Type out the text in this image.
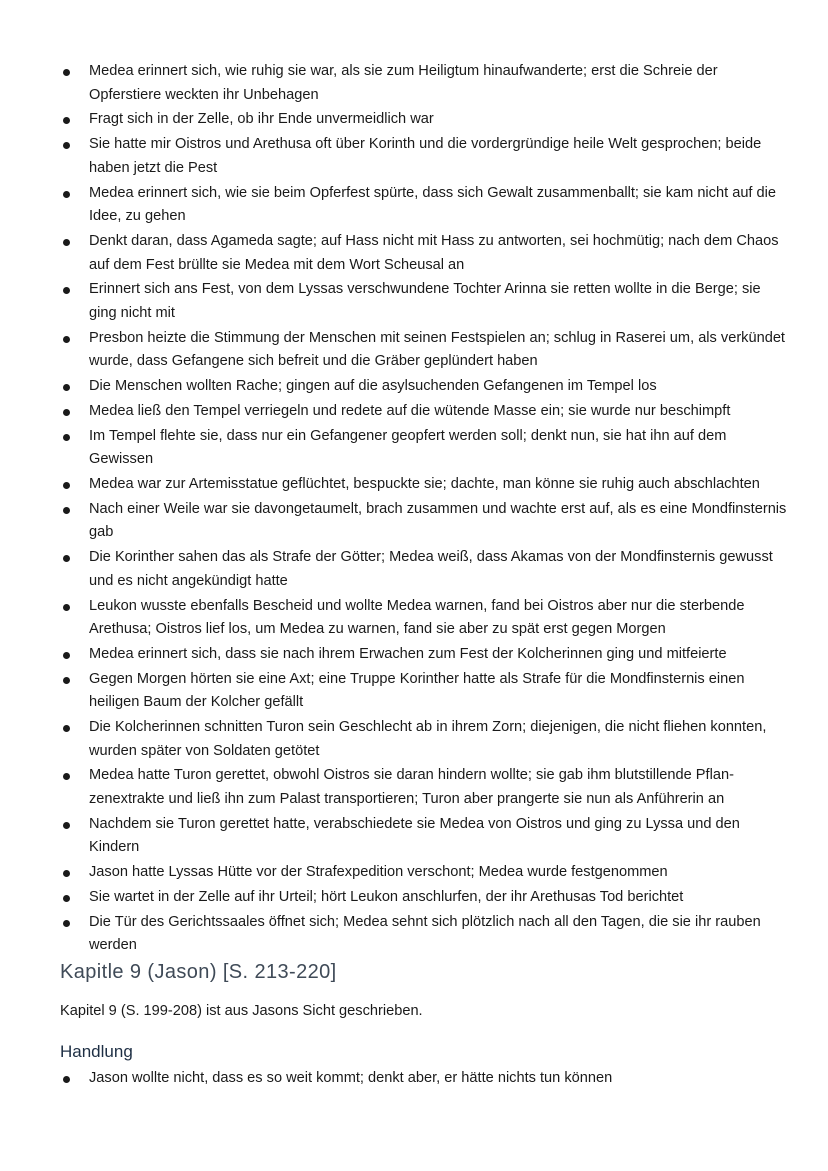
Medea erinnert sich, wie ruhig sie war, als sie zum Heiligtum hinaufwanderte; erst die Schreie der Opferstiere weckten ihr Unbehagen
Fragt sich in der Zelle, ob ihr Ende unvermeidlich war
Sie hatte mir Oistros und Arethusa oft über Korinth und die vordergründige heile Welt gesprochen; beide haben jetzt die Pest
Medea erinnert sich, wie sie beim Opferfest spürte, dass sich Gewalt zusammenballt; sie kam nicht auf die Idee, zu gehen
Denkt daran, dass Agameda sagte; auf Hass nicht mit Hass zu antworten, sei hochmütig; nach dem Chaos auf dem Fest brüllte sie Medea mit dem Wort Scheusal an
Erinnert sich ans Fest, von dem Lyssas verschwundene Tochter Arinna sie retten wollte in die Berge; sie ging nicht mit
Presbon heizte die Stimmung der Menschen mit seinen Festspielen an; schlug in Raserei um, als verkündet wurde, dass Gefangene sich befreit und die Gräber geplündert haben
Die Menschen wollten Rache; gingen auf die asylsuchenden Gefangenen im Tempel los
Medea ließ den Tempel verriegeln und redete auf die wütende Masse ein; sie wurde nur beschimpft
Im Tempel flehte sie, dass nur ein Gefangener geopfert werden soll; denkt nun, sie hat ihn auf dem Gewissen
Medea war zur Artemisstatue geflüchtet, bespuckte sie; dachte, man könne sie ruhig auch abschlachten
Nach einer Weile war sie davongetaumelt, brach zusammen und wachte erst auf, als es eine Mondfinsternis gab
Die Korinther sahen das als Strafe der Götter; Medea weiß, dass Akamas von der Mondfinsternis gewusst und es nicht angekündigt hatte
Leukon wusste ebenfalls Bescheid und wollte Medea warnen, fand bei Oistros aber nur die sterbende Arethusa; Oistros lief los, um Medea zu warnen, fand sie aber zu spät erst gegen Morgen
Medea erinnert sich, dass sie nach ihrem Erwachen zum Fest der Kolcherinnen ging und mitfeierte
Gegen Morgen hörten sie eine Axt; eine Truppe Korinther hatte als Strafe für die Mondfinsternis einen heiligen Baum der Kolcher gefällt
Die Kolcherinnen schnitten Turon sein Geschlecht ab in ihrem Zorn; diejenigen, die nicht fliehen konnten, wurden später von Soldaten getötet
Medea hatte Turon gerettet, obwohl Oistros sie daran hindern wollte; sie gab ihm blutstillende Pflanzenextrakte und ließ ihn zum Palast transportieren; Turon aber prangerte sie nun als Anführerin an
Nachdem sie Turon gerettet hatte, verabschiedete sie Medea von Oistros und ging zu Lyssa und den Kindern
Jason hatte Lyssas Hütte vor der Strafexpedition verschont; Medea wurde festgenommen
Sie wartet in der Zelle auf ihr Urteil; hört Leukon anschlurfen, der ihr Arethusas Tod berichtet
Die Tür des Gerichtssaales öffnet sich; Medea sehnt sich plötzlich nach all den Tagen, die sie ihr rauben werden
Kapitle 9 (Jason) [S. 213-220]

Kapitel 9 (S. 199-208) ist aus Jasons Sicht geschrieben.

Handlung
Jason wollte nicht, dass es so weit kommt; denkt aber, er hätte nichts tun können
